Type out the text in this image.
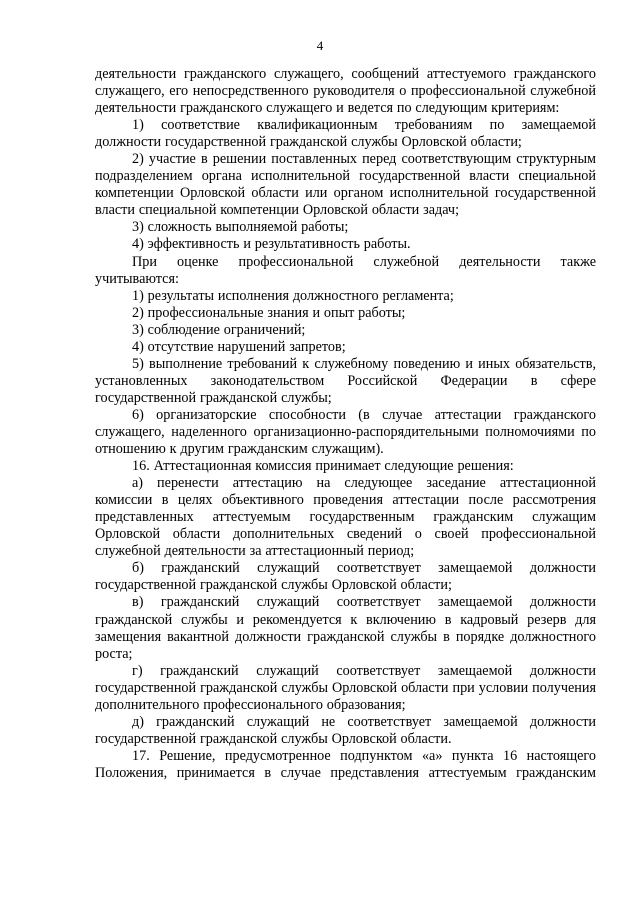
4

деятельности гражданского служащего, сообщений аттестуемого гражданского служащего, его непосредственного руководителя о профессиональной служебной деятельности гражданского служащего и ведется по следующим критериям:

1) соответствие квалификационным требованиям по замещаемой должности государственной гражданской службы Орловской области;

2) участие в решении поставленных перед соответствующим структурным подразделением органа исполнительной государственной власти специальной компетенции Орловской области или органом исполнительной государственной власти специальной компетенции Орловской области задач;

3) сложность выполняемой работы;

4) эффективность и результативность работы.

При оценке профессиональной служебной деятельности также учитываются:

1) результаты исполнения должностного регламента;

2) профессиональные знания и опыт работы;

3) соблюдение ограничений;

4) отсутствие нарушений запретов;

5) выполнение требований к служебному поведению и иных обязательств, установленных законодательством Российской Федерации в сфере государственной гражданской службы;

6) организаторские способности (в случае аттестации гражданского служащего, наделенного организационно-распорядительными полномочиями по отношению к другим гражданским служащим).

16. Аттестационная комиссия принимает следующие решения:

а) перенести аттестацию на следующее заседание аттестационной комиссии в целях объективного проведения аттестации после рассмотрения представленных аттестуемым государственным гражданским служащим Орловской области дополнительных сведений о своей профессиональной служебной деятельности за аттестационный период;

б) гражданский служащий соответствует замещаемой должности государственной гражданской службы Орловской области;

в) гражданский служащий соответствует замещаемой должности гражданской службы и рекомендуется к включению в кадровый резерв для замещения вакантной должности гражданской службы в порядке должностного роста;

г) гражданский служащий соответствует замещаемой должности государственной гражданской службы Орловской области при условии получения дополнительного профессионального образования;

д) гражданский служащий не соответствует замещаемой должности государственной гражданской службы Орловской области.

17. Решение, предусмотренное подпунктом «а» пункта 16 настоящего Положения, принимается в случае представления аттестуемым гражданским
